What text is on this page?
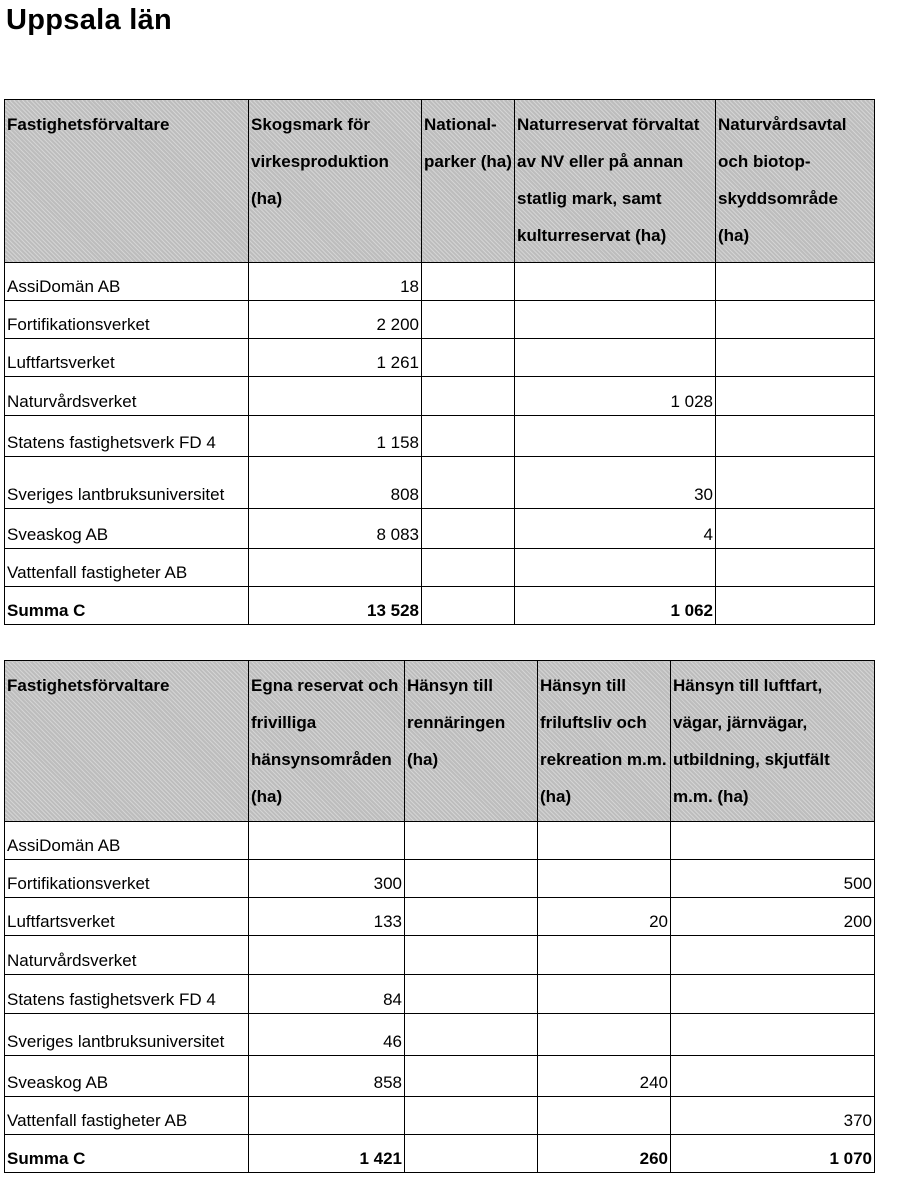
Uppsala län
Fastighetsförvaltare	Skogsmark för virkesproduktion (ha)	National-parker (ha)	Naturreservat förvaltat av NV eller på annan statlig mark, samt kulturreservat (ha)	Naturvårdsavtal och biotop-skyddsområde (ha)
AssiDomän AB	18			
Fortifikationsverket	2 200			
Luftfartsverket	1 261			
Naturvårdsverket			1 028	
Statens fastighetsverk FD 4	1 158			
Sveriges lantbruksuniversitet	808		30	
Sveaskog AB	8 083		4	
Vattenfall fastigheter AB				
Summa C	13 528		1 062	
Fastighetsförvaltare	Egna reservat och frivilliga hänsynsområden (ha)	Hänsyn till rennäringen (ha)	Hänsyn till friluftsliv och rekreation m.m. (ha)	Hänsyn till luftfart, vägar, järnvägar, utbildning, skjutfält m.m. (ha)
AssiDomän AB				
Fortifikationsverket	300			500
Luftfartsverket	133		20	200
Naturvårdsverket				
Statens fastighetsverk FD 4	84			
Sveriges lantbruksuniversitet	46			
Sveaskog AB	858		240	
Vattenfall fastigheter AB				370
Summa C	1 421		260	1 070
